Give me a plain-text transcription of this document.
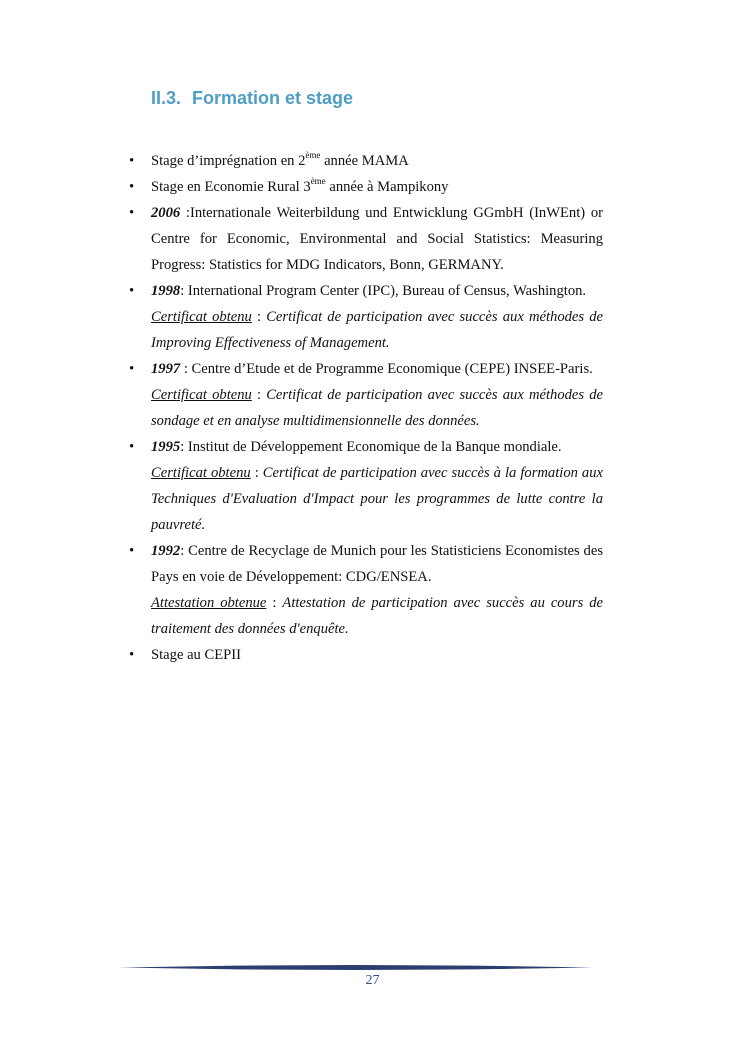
II.3. Formation et stage
• Stage d’imprégnation en 2ème année MAMA
• Stage en Economie Rural 3ème année à Mampikony
• 2006 :Internationale Weiterbildung und Entwicklung GGmbH (InWEnt) or Centre for Economic, Environmental and Social Statistics: Measuring Progress: Statistics for MDG Indicators, Bonn, GERMANY.
• 1998: International Program Center (IPC), Bureau of Census, Washington.
Certificat obtenu : Certificat de participation avec succès aux méthodes de Improving Effectiveness of Management.
• 1997 : Centre d’Etude et de Programme Economique (CEPE) INSEE-Paris.
Certificat obtenu : Certificat de participation avec succès aux méthodes de sondage et en analyse multidimensionnelle des données.
• 1995: Institut de Développement Economique de la Banque mondiale.
Certificat obtenu : Certificat de participation avec succès à la formation aux Techniques d'Evaluation d'Impact pour les programmes de lutte contre la pauvreté.
• 1992: Centre de Recyclage de Munich pour les Statisticiens Economistes des Pays en voie de Développement: CDG/ENSEA.
Attestation obtenue : Attestation de participation avec succès au cours de traitement des données d'enquête.
• Stage au CEPII
27
